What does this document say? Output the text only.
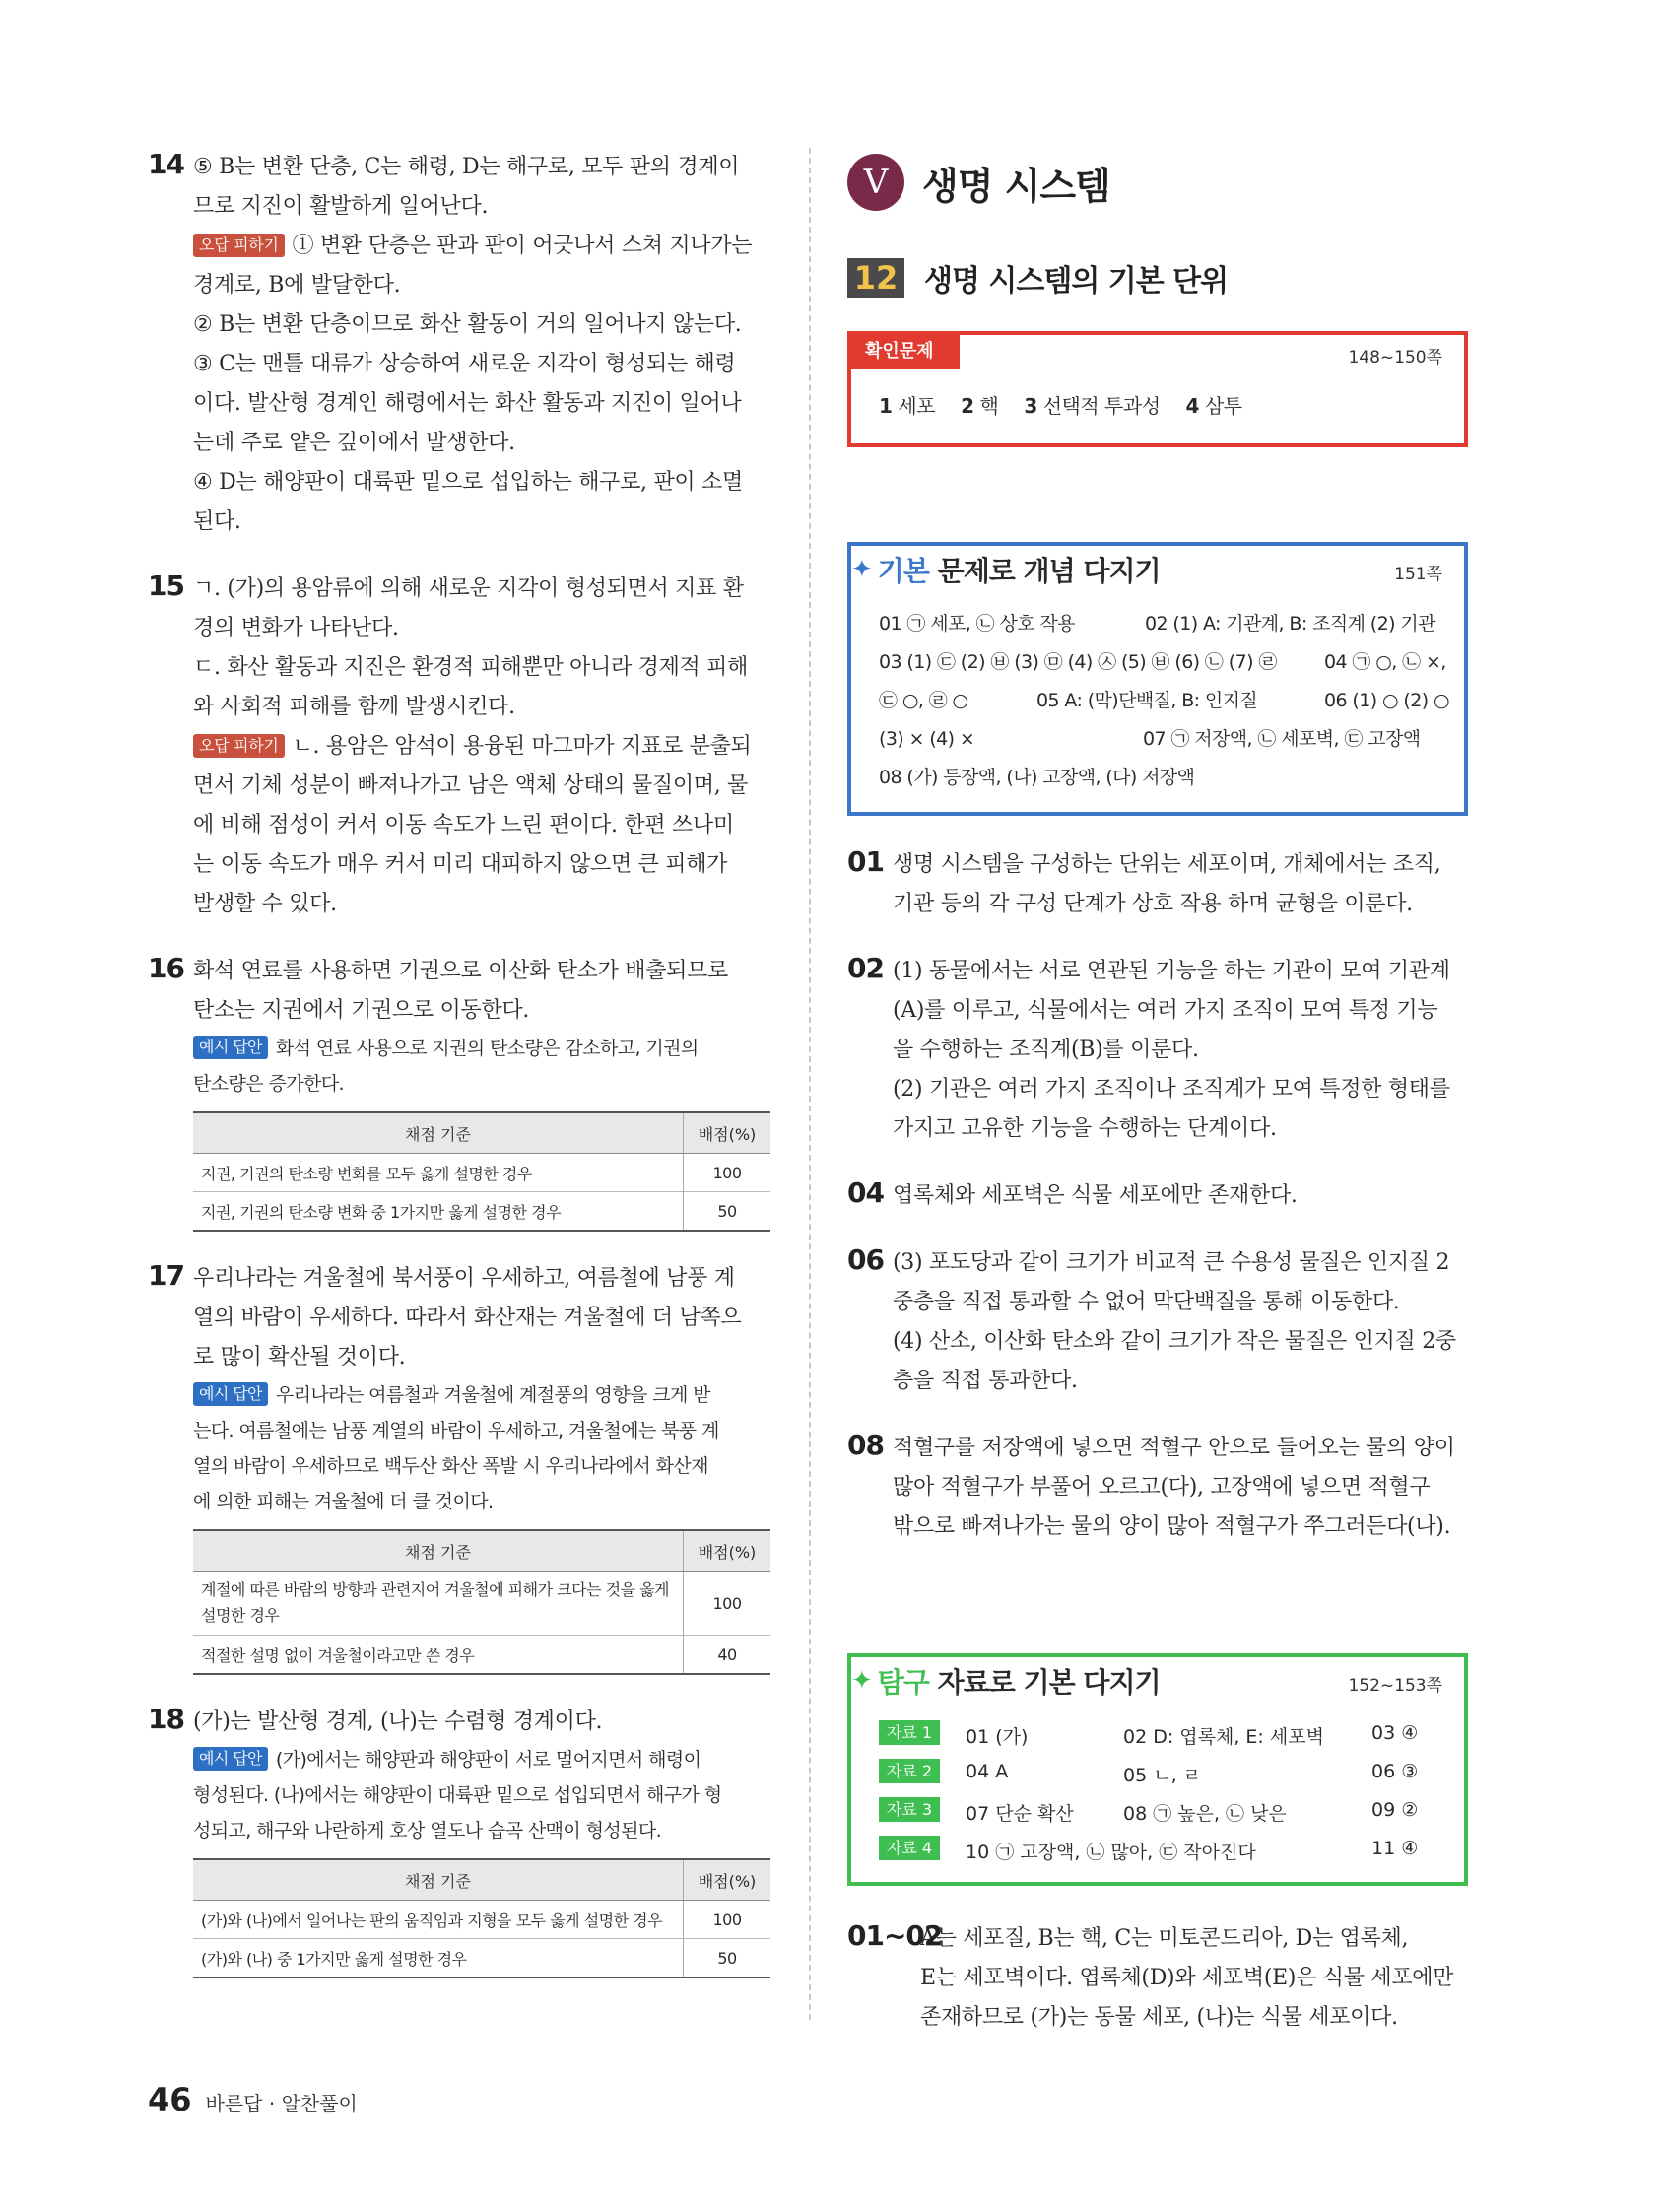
14 ⑤ B는 변환 단층, C는 해령, D는 해구로, 모두 판의 경계이

므로 지진이 활발하게 일어난다.

오답 피하기 ① 변환 단층은 판과 판이 어긋나서 스쳐 지나가는

경계로, B에 발달한다.

② B는 변환 단층이므로 화산 활동이 거의 일어나지 않는다.

③ C는 맨틀 대류가 상승하여 새로운 지각이 형성되는 해령

이다. 발산형 경계인 해령에서는 화산 활동과 지진이 일어나

는데 주로 얕은 깊이에서 발생한다.

④ D는 해양판이 대륙판 밑으로 섭입하는 해구로, 판이 소멸

된다.

15 ㄱ. (가)의 용암류에 의해 새로운 지각이 형성되면서 지표 환

경의 변화가 나타난다.

ㄷ. 화산 활동과 지진은 환경적 피해뿐만 아니라 경제적 피해

와 사회적 피해를 함께 발생시킨다.

오답 피하기 ㄴ. 용암은 암석이 용융된 마그마가 지표로 분출되

면서 기체 성분이 빠져나가고 남은 액체 상태의 물질이며, 물

에 비해 점성이 커서 이동 속도가 느린 편이다. 한편 쓰나미

는 이동 속도가 매우 커서 미리 대피하지 않으면 큰 피해가

발생할 수 있다.

16 화석 연료를 사용하면 기권으로 이산화 탄소가 배출되므로

탄소는 지권에서 기권으로 이동한다.

예시 답안 화석 연료 사용으로 지권의 탄소량은 감소하고, 기권의

탄소량은 증가한다.

채점 기준	배점(%)
지권, 기권의 탄소량 변화를 모두 옳게 설명한 경우	100
지권, 기권의 탄소량 변화 중 1가지만 옳게 설명한 경우	50
17 우리나라는 겨울철에 북서풍이 우세하고, 여름철에 남풍 계

열의 바람이 우세하다. 따라서 화산재는 겨울철에 더 남쪽으

로 많이 확산될 것이다.

예시 답안 우리나라는 여름철과 겨울철에 계절풍의 영향을 크게 받

는다. 여름철에는 남풍 계열의 바람이 우세하고, 겨울철에는 북풍 계

열의 바람이 우세하므로 백두산 화산 폭발 시 우리나라에서 화산재

에 의한 피해는 겨울철에 더 클 것이다.

채점 기준	배점(%)
계절에 따른 바람의 방향과 관련지어 겨울철에 피해가 크다는 것을 옳게 설명한 경우	100
적절한 설명 없이 겨울철이라고만 쓴 경우	40
18 (가)는 발산형 경계, (나)는 수렴형 경계이다.

예시 답안 (가)에서는 해양판과 해양판이 서로 멀어지면서 해령이

형성된다. (나)에서는 해양판이 대륙판 밑으로 섭입되면서 해구가 형

성되고, 해구와 나란하게 호상 열도나 습곡 산맥이 형성된다.

채점 기준	배점(%)
(가)와 (나)에서 일어나는 판의 움직임과 지형을 모두 옳게 설명한 경우	100
(가)와 (나) 중 1가지만 옳게 설명한 경우	50
V 생명 시스템
12 생명 시스템의 기본 단위
확인문제	148~150쪽
1 세포 2 핵 3 선택적 투과성 4 삼투
✦ 기본 문제로 개념 다지기	151쪽
01 ㉠ 세포, ㉡ 상호 작용	02 (1) A: 기관계, B: 조직계 (2) 기관
03 (1) ㉢ (2) ㉥ (3) ㉤ (4) ㉦ (5) ㉥ (6) ㉡ (7) ㉣	04 ㉠ ○, ㉡ ×,
㉢ ○, ㉣ ○	05 A: (막)단백질, B: 인지질	06 (1) ○ (2) ○
(3) × (4) ×	07 ㉠ 저장액, ㉡ 세포벽, ㉢ 고장액
08 (가) 등장액, (나) 고장액, (다) 저장액
01 생명 시스템을 구성하는 단위는 세포이며, 개체에서는 조직,

기관 등의 각 구성 단계가 상호 작용 하며 균형을 이룬다.

02 (1) 동물에서는 서로 연관된 기능을 하는 기관이 모여 기관계

(A)를 이루고, 식물에서는 여러 가지 조직이 모여 특정 기능

을 수행하는 조직계(B)를 이룬다.

(2) 기관은 여러 가지 조직이나 조직계가 모여 특정한 형태를

가지고 고유한 기능을 수행하는 단계이다.

04 엽록체와 세포벽은 식물 세포에만 존재한다.

06 (3) 포도당과 같이 크기가 비교적 큰 수용성 물질은 인지질 2

중층을 직접 통과할 수 없어 막단백질을 통해 이동한다.

(4) 산소, 이산화 탄소와 같이 크기가 작은 물질은 인지질 2중

층을 직접 통과한다.

08 적혈구를 저장액에 넣으면 적혈구 안으로 들어오는 물의 양이

많아 적혈구가 부풀어 오르고(다), 고장액에 넣으면 적혈구

밖으로 빠져나가는 물의 양이 많아 적혈구가 쭈그러든다(나).

✦ 탐구 자료로 기본 다지기	152~153쪽
자료 1	01 (가)	02 D: 엽록체, E: 세포벽	03 ④
자료 2	04 A	05 ㄴ, ㄹ	06 ③
자료 3	07 단순 확산	08 ㉠ 높은, ㉡ 낮은	09 ②
자료 4	10 ㉠ 고장액, ㉡ 많아, ㉢ 작아진다	11 ④
01~02

A는 세포질, B는 핵, C는 미토콘드리아, D는 엽록체,

E는 세포벽이다. 엽록체(D)와 세포벽(E)은 식물 세포에만

존재하므로 (가)는 동물 세포, (나)는 식물 세포이다.

46 바른답 · 알찬풀이
